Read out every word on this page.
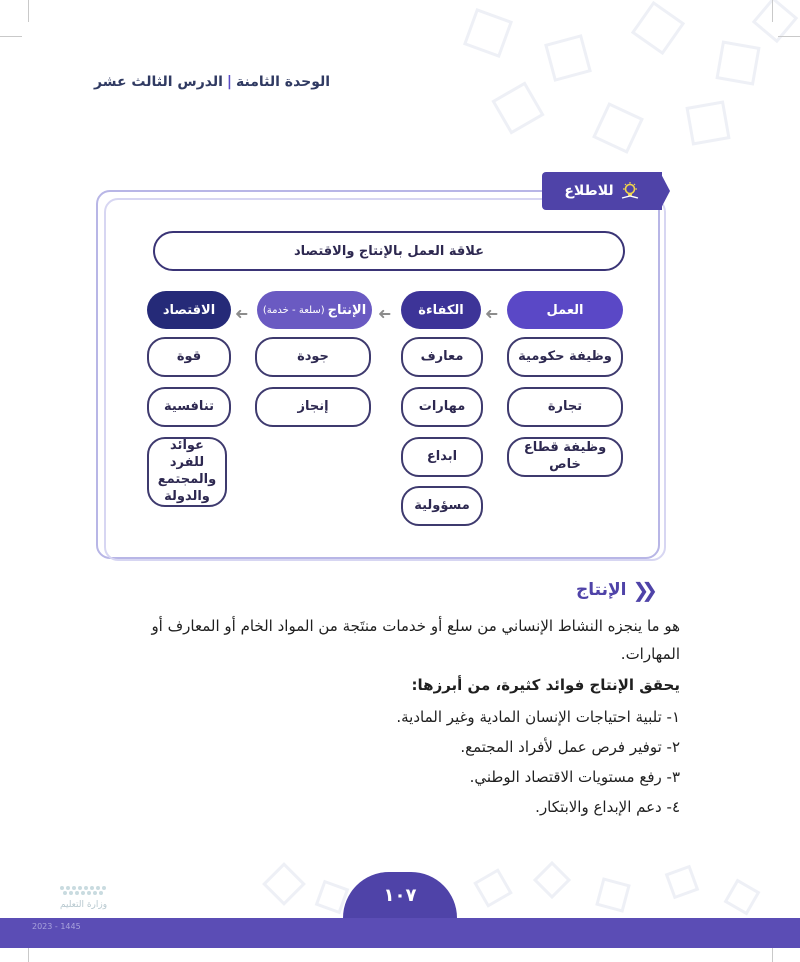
الوحدة الثامنة|الدرس الثالث عشر
للاطلاع
علاقة العمل بالإنتاج والاقتصاد
العمل
الكفاءة
الإنتاج
(سلعة - خدمة)
الاقتصاد	➜
➜
➜
وظيفة حكومية
تجارة
وظيفة قطاع خاص
معارف
مهارات
ابداع
مسؤولية
جودة
إنجاز
قوة
تنافسية
عوائد للفرد والمجتمع والدولة
❮❮
الإنتاج
هو ما ينجزه النشاط الإنساني من سلع أو خدمات منتَجة من المواد الخام أو المعارف أو المهارات.
يحقق الإنتاج فوائد كثيرة، من أبرزها:
١- تلبية احتياجات الإنسان المادية وغير المادية.
٢- توفير فرص عمل لأفراد المجتمع.
٣- رفع مستويات الاقتصاد الوطني.
٤- دعم الإبداع والابتكار.
١٠٧
وزارة التعليم
2023 - 1445
